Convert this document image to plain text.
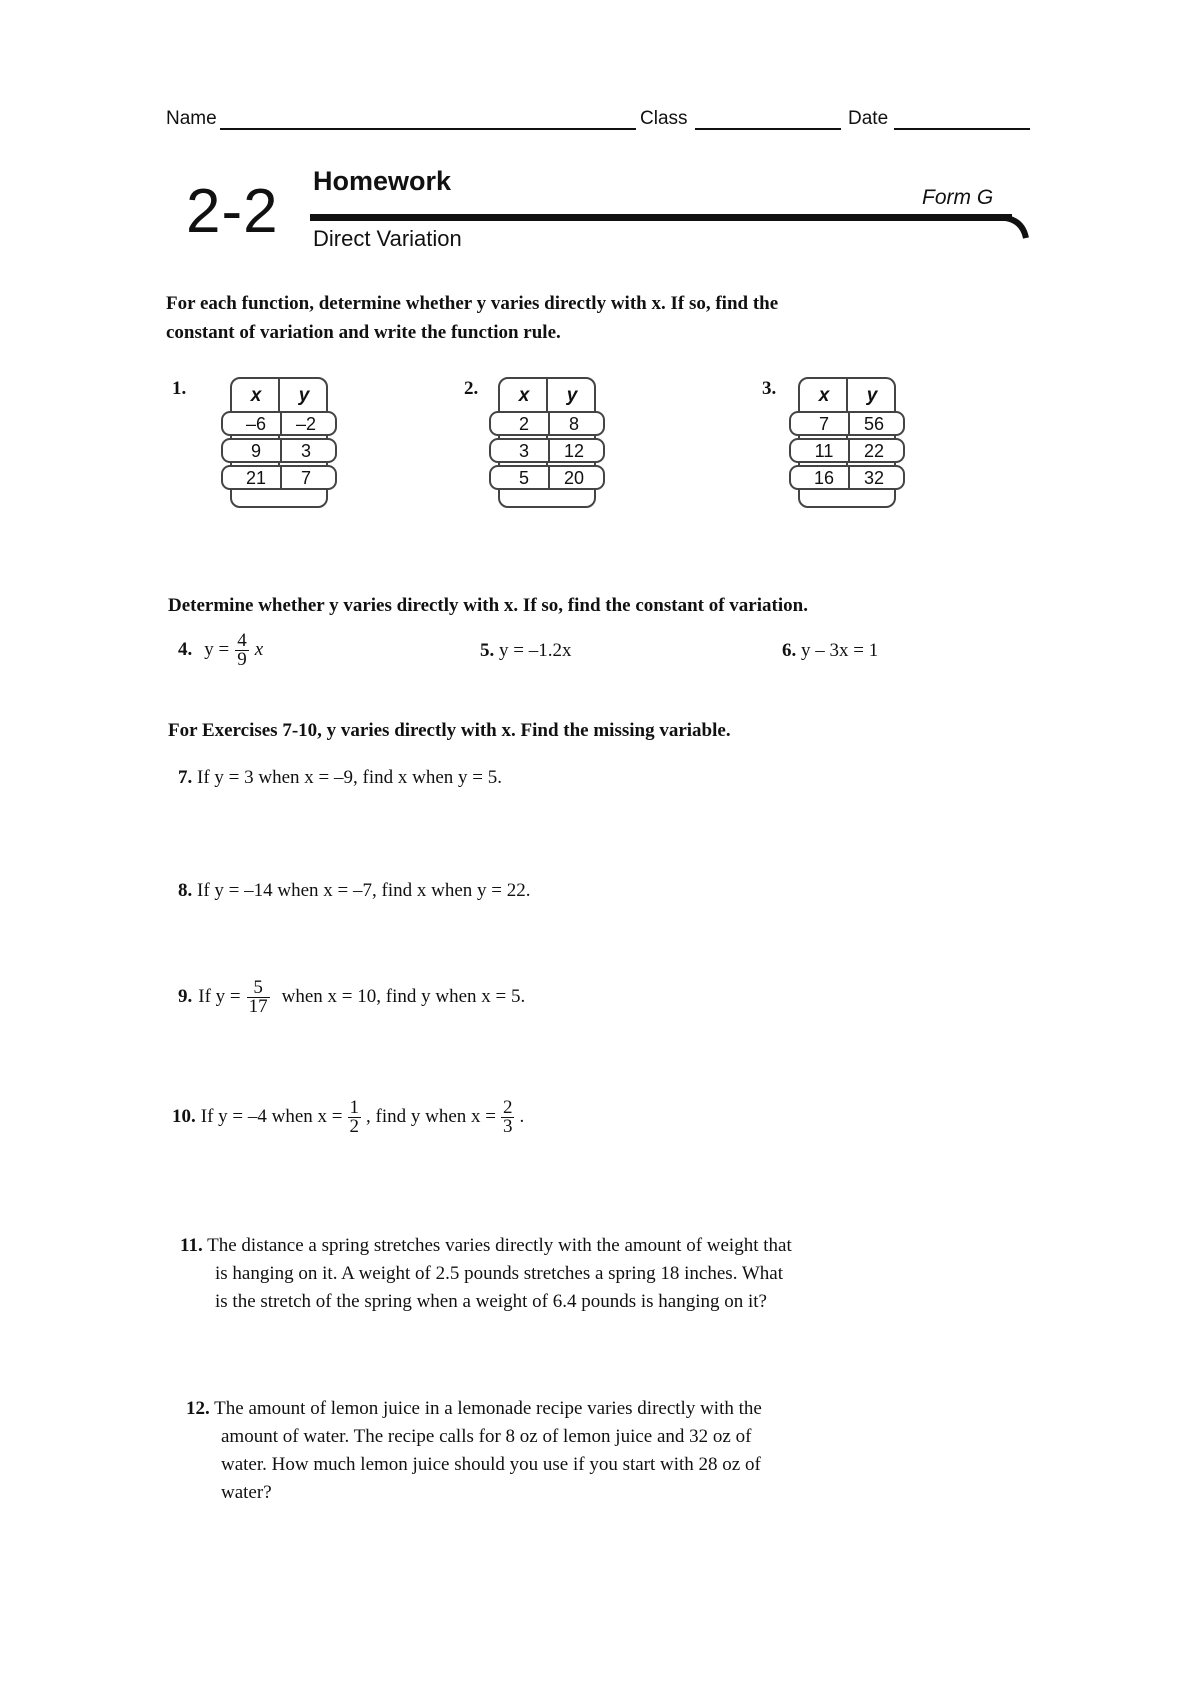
Name	Class	Date
2-2 Homework
Direct Variation
Form G
For each function, determine whether y varies directly with x. If so, find the
constant of variation and write the function rule.
1.	x	y
–6	–2
9	3
21	7
2.	x	y
2	8
3	12
5	20
3.	x	y
7	56
11	22
16	32
Determine whether y varies directly with x. If so, find the constant of variation.
4. $y = \frac{4}{9}$ x	5. y = –1.2x	6. y – 3x = 1
For Exercises 7-10, y varies directly with x. Find the missing variable.
7. If y = 3 when x = –9, find x when y = 5.
8. If y = –14 when x = –7, find x when y = 22.
9. If $y = \frac{5}{17}$ when x = 10, find y when x = 5.
10. If y = –4 when $x = \frac{1}{2}$ , find y when $x = \frac{2}{3}$ .
11. The distance a spring stretches varies directly with the amount of weight that
is hanging on it. A weight of 2.5 pounds stretches a spring 18 inches. What
is the stretch of the spring when a weight of 6.4 pounds is hanging on it?
12. The amount of lemon juice in a lemonade recipe varies directly with the
amount of water. The recipe calls for 8 oz of lemon juice and 32 oz of
water. How much lemon juice should you use if you start with 28 oz of
water?
